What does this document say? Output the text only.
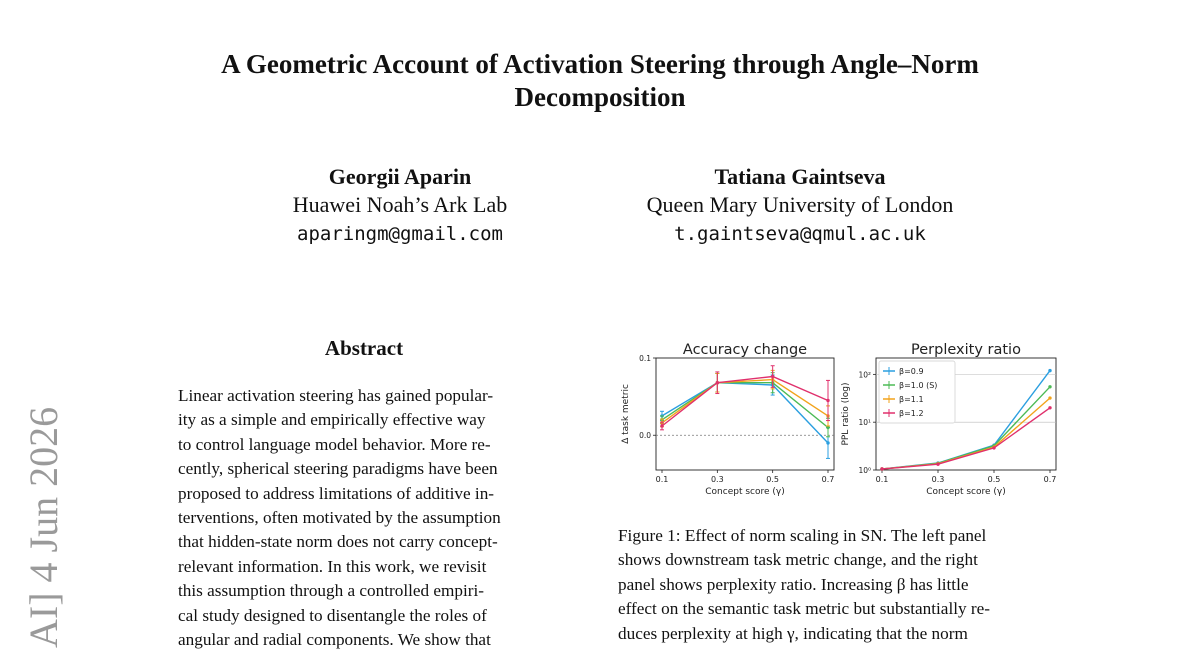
A Geometric Account of Activation Steering through Angle–Norm Decomposition
Georgii Aparin
Huawei Noah’s Ark Lab
aparingm@gmail.com
Tatiana Gaintseva
Queen Mary University of London
t.gaintseva@qmul.ac.uk
Abstract
Linear activation steering has gained popular-
ity as a simple and empirically effective way
to control language model behavior. More re-
cently, spherical steering paradigms have been
proposed to address limitations of additive in-
terventions, often motivated by the assumption
that hidden-state norm does not carry concept-
relevant information. In this work, we revisit
this assumption through a controlled empiri-
cal study designed to disentangle the roles of
angular and radial components. We show that
AI] 4 Jun 2026
Accuracy change
0.1	0.3	0.5	0.7
Concept score (γ)
Δ task metric 0.0
0.1
Perplexity ratio
0.1	0.3	0.5	0.7
Concept score (γ)
PPL ratio (log)
10⁰
10¹
10²	β=0.9
β=1.0 (S)
β=1.1
β=1.2
Figure 1: Effect of norm scaling in SN. The left panel
shows downstream task metric change, and the right
panel shows perplexity ratio. Increasing β has little
effect on the semantic task metric but substantially re-
duces perplexity at high γ, indicating that the norm
